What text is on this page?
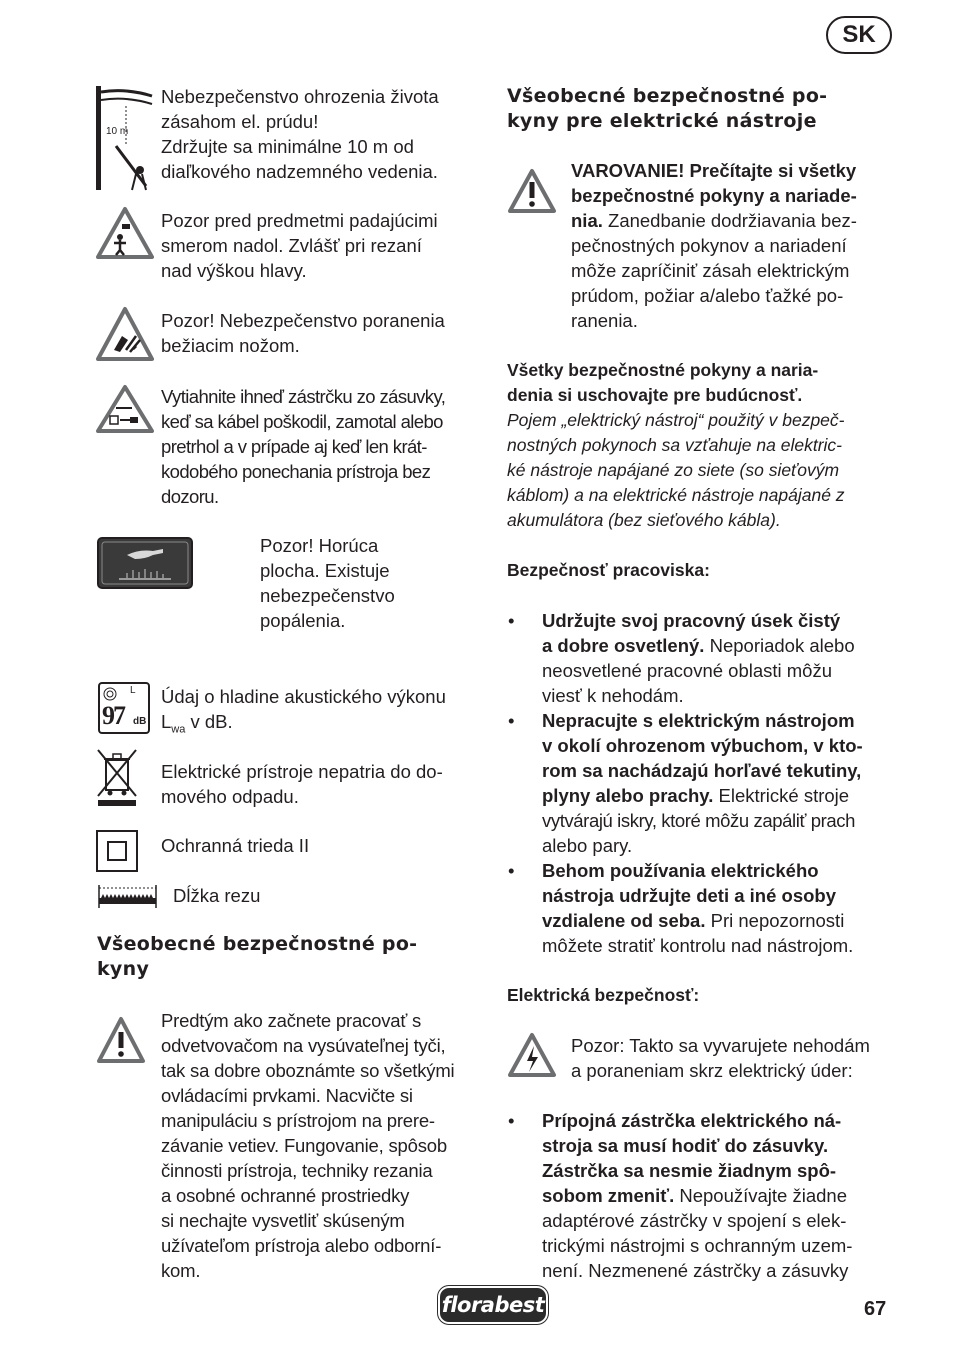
SK
10 m
Nebezpečenstvo ohrozenia života
zásahom el. prúdu!
Zdržujte sa minimálne 10 m od
diaľkového nadzemného vedenia.
Pozor pred predmetmi padajúcimi
smerom nadol. Zvlášť pri rezaní
nad výškou hlavy.
Pozor! Nebezpečenstvo poranenia
bežiacim nožom.
Vytiahnite ihneď zástrčku zo zásuvky,
keď sa kábel poškodil, zamotal alebo
pretrhol a v prípade aj keď len krát-
kodobého ponechania prístroja bez
dozoru.
Pozor! Horúca
plocha. Existuje
nebezpečenstvo
popálenia.
L
97 dB
Údaj o hladine akustického výkonu
$L_{wa}$ v dB.
Elektrické prístroje nepatria do do-
mového odpadu.
Ochranná trieda II
Dĺžka rezu
Všeobecné bezpečnostné po-
kyny
Predtým ako začnete pracovať s
odvetvovačom na vysúvateľnej tyči,
tak sa dobre oboznámte so všetkými
ovládacími prvkami. Nacvičte si
manipuláciu s prístrojom na prere-
závanie vetiev. Fungovanie, spôsob
činnosti prístroja, techniky rezania
a osobné ochranné prostriedky
si nechajte vysvetliť skúseným
užívateľom prístroja alebo odborní-
kom.
Všeobecné bezpečnostné po-
kyny pre elektrické nástroje
VAROVANIE! Prečítajte si všetky
bezpečnostné pokyny a nariade-
nia. Zanedbanie dodržiavania bez-
pečnostných pokynov a nariadení
môže zapríčiniť zásah elektrickým
prúdom, požiar a/alebo ťažké po-
ranenia.
Všetky bezpečnostné pokyny a naria-
denia si uschovajte pre budúcnosť.
Pojem „elektrický nástroj“ použitý v bezpeč-
nostných pokynoch sa vzťahuje na elektric-
ké nástroje napájané zo siete (so sieťovým
káblom) a na elektrické nástroje napájané z
akumulátora (bez sieťového kábla).
Bezpečnosť pracoviska:
• Udržujte svoj pracovný úsek čistý
a dobre osvetlený. Neporiadok alebo
neosvetlené pracovné oblasti môžu
viesť k nehodám.
• Nepracujte s elektrickým nástrojom
v okolí ohrozenom výbuchom, v kto-
rom sa nachádzajú horľavé tekutiny,
plyny alebo prachy. Elektrické stroje
vytvárajú iskry, ktoré môžu zapáliť prach
alebo pary.
• Behom používania elektrického
nástroja udržujte deti a iné osoby
vzdialene od seba. Pri nepozornosti
môžete stratiť kontrolu nad nástrojom.
Elektrická bezpečnosť:
Pozor: Takto sa vyvarujete nehodám
a poraneniam skrz elektrický úder:
• Prípojná zástrčka elektrického ná-
stroja sa musí hodiť do zásuvky.
Zástrčka sa nesmie žiadnym spô-
sobom zmeniť. Nepoužívajte žiadne
adaptérové zástrčky v spojení s elek-
trickými nástrojmi s ochranným uzem-
není. Nezmenené zástrčky a zásuvky
florabest	67
